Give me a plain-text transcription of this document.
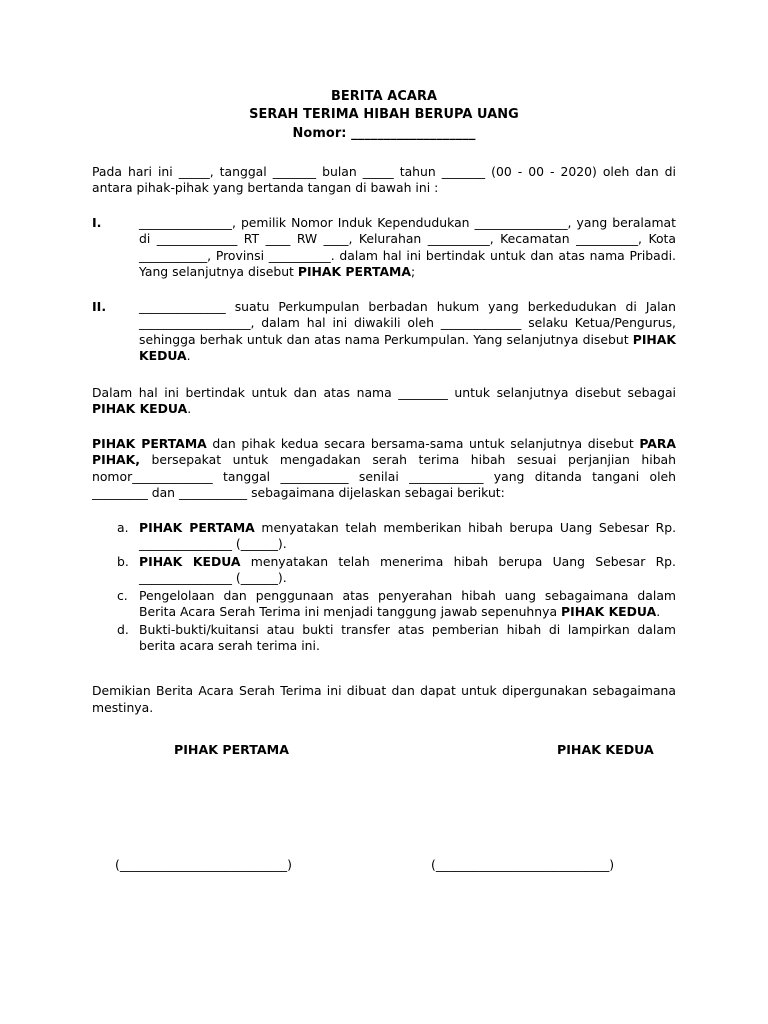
BERITA ACARA
SERAH TERIMA HIBAH BERUPA UANG
Nomor: ___________________

Pada hari ini _____, tanggal _______ bulan _____ tahun _______ (00 - 00 - 2020) oleh dan di antara pihak-pihak yang bertanda tangan di bawah ini :

I.	_______________, pemilik Nomor Induk Kependudukan _______________, yang beralamat di _____________ RT ____ RW ____, Kelurahan __________, Kecamatan __________, Kota ___________, Provinsi __________. dalam hal ini bertindak untuk dan atas nama Pribadi. Yang selanjutnya disebut PIHAK PERTAMA;
II.	______________ suatu Perkumpulan berbadan hukum yang berkedudukan di Jalan __________________, dalam hal ini diwakili oleh _____________ selaku Ketua/Pengurus, sehingga berhak untuk dan atas nama Perkumpulan. Yang selanjutnya disebut PIHAK KEDUA.

Dalam hal ini bertindak untuk dan atas nama ________ untuk selanjutnya disebut sebagai PIHAK KEDUA.

PIHAK PERTAMA dan pihak kedua secara bersama-sama untuk selanjutnya disebut PARA PIHAK, bersepakat untuk mengadakan serah terima hibah sesuai perjanjian hibah nomor_____________ tanggal ___________ senilai ____________ yang ditanda tangani oleh _________ dan ___________ sebagaimana dijelaskan sebagai berikut:

a. PIHAK PERTAMA menyatakan telah memberikan hibah berupa Uang Sebesar Rp. _______________ (______).
b. PIHAK KEDUA menyatakan telah menerima hibah berupa Uang Sebesar Rp. _______________ (______).
c. Pengelolaan dan penggunaan atas penyerahan hibah uang sebagaimana dalam Berita Acara Serah Terima ini menjadi tanggung jawab sepenuhnya PIHAK KEDUA.
d. Bukti-bukti/kuitansi atau bukti transfer atas pemberian hibah di lampirkan dalam berita acara serah terima ini.

Demikian Berita Acara Serah Terima ini dibuat dan dapat untuk dipergunakan sebagaimana mestinya.

PIHAK PERTAMA	PIHAK KEDUA
(___________________________)	(____________________________)
